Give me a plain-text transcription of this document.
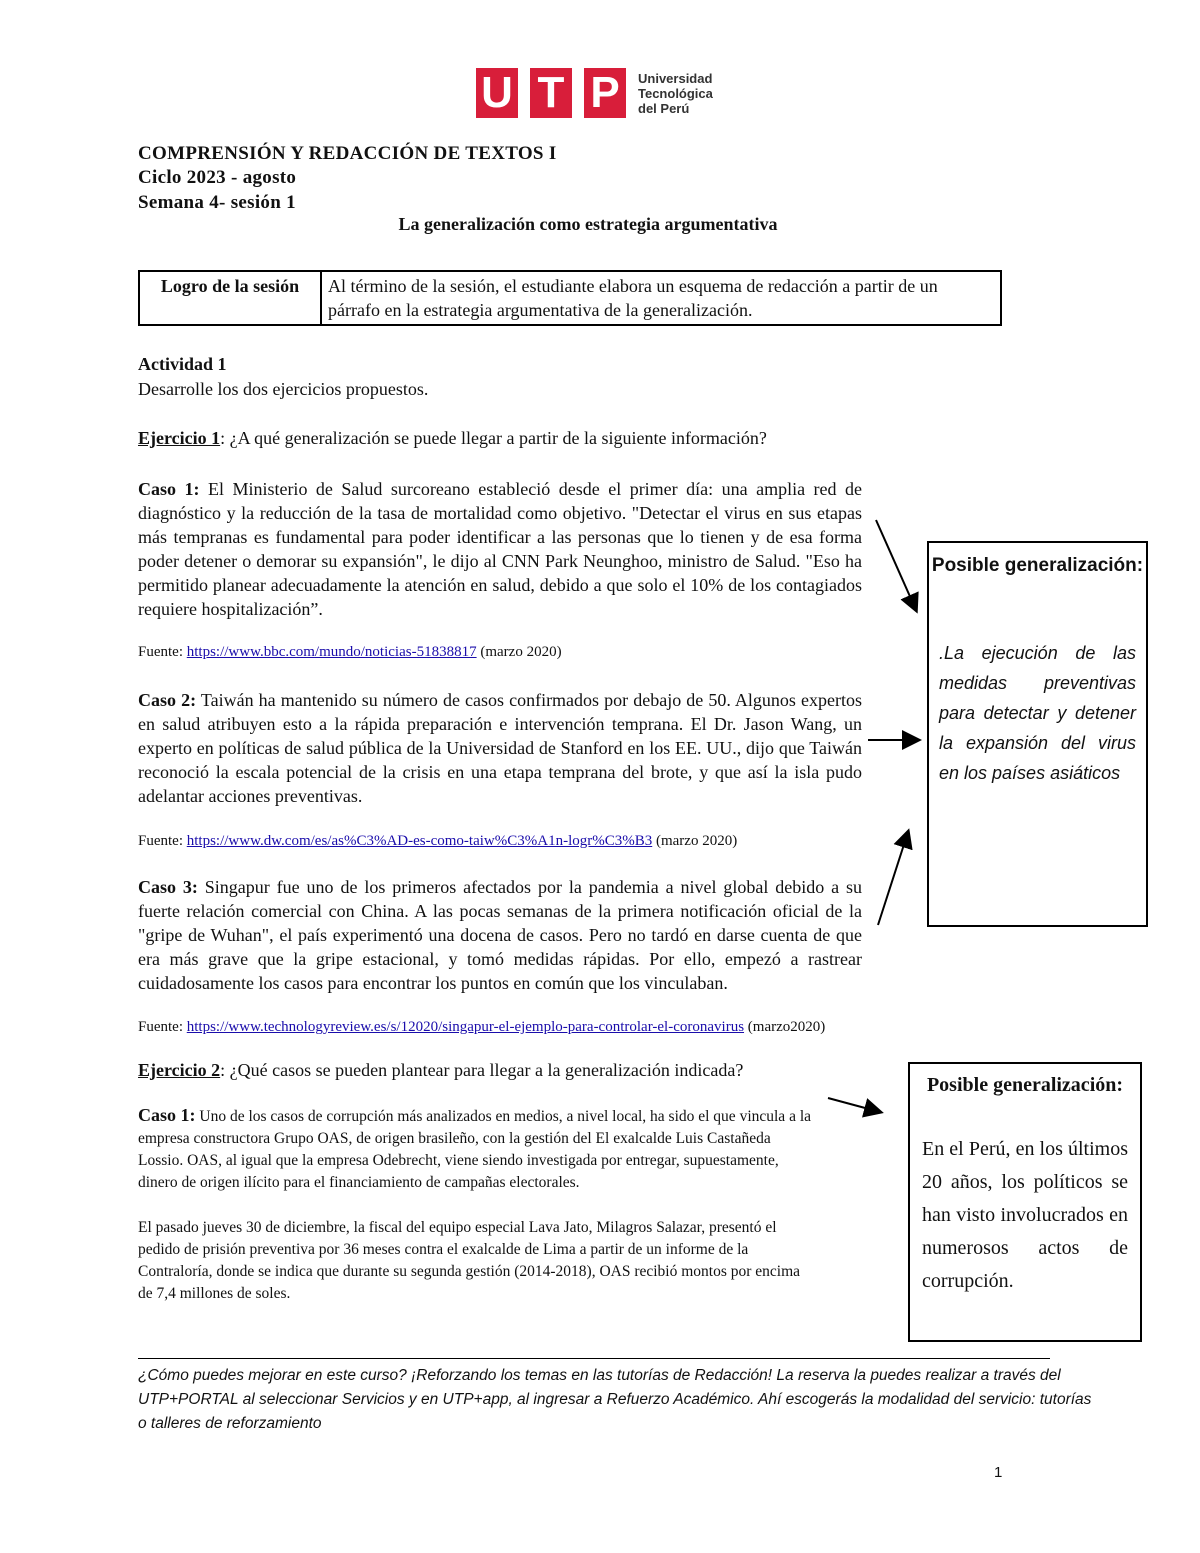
U T P	Universidad
Tecnológica
del Perú
COMPRENSIÓN Y REDACCIÓN DE TEXTOS I
Ciclo 2023 - agosto
Semana 4- sesión 1
La generalización como estrategia argumentativa
Logro de la sesión	Al término de la sesión, el estudiante elabora un esquema de redacción a partir de un párrafo en la estrategia argumentativa de la generalización.
Actividad 1
Desarrolle los dos ejercicios propuestos.
Ejercicio 1: ¿A qué generalización se puede llegar a partir de la siguiente información?
Caso 1: El Ministerio de Salud surcoreano estableció desde el primer día: una amplia red de diagnóstico y la reducción de la tasa de mortalidad como objetivo. "Detectar el virus en sus etapas más tempranas es fundamental para poder identificar a las personas que lo tienen y de esa forma poder detener o demorar su expansión", le dijo al CNN Park Neunghoo, ministro de Salud. "Eso ha permitido planear adecuadamente la atención en salud, debido a que solo el 10% de los contagiados requiere hospitalización”.
Fuente: https://www.bbc.com/mundo/noticias-51838817 (marzo 2020)
Caso 2: Taiwán ha mantenido su número de casos confirmados por debajo de 50. Algunos expertos en salud atribuyen esto a la rápida preparación e intervención temprana. El Dr. Jason Wang, un experto en políticas de salud pública de la Universidad de Stanford en los EE. UU., dijo que Taiwán reconoció la escala potencial de la crisis en una etapa temprana del brote, y que así la isla pudo adelantar acciones preventivas.
Fuente: https://www.dw.com/es/as%C3%AD-es-como-taiw%C3%A1n-logr%C3%B3 (marzo 2020)
Caso 3: Singapur fue uno de los primeros afectados por la pandemia a nivel global debido a su fuerte relación comercial con China. A las pocas semanas de la primera notificación oficial de la "gripe de Wuhan", el país experimentó una docena de casos. Pero no tardó en darse cuenta de que era más grave que la gripe estacional, y tomó medidas rápidas. Por ello, empezó a rastrear cuidadosamente los casos para encontrar los puntos en común que los vinculaban.
Fuente: https://www.technologyreview.es/s/12020/singapur-el-ejemplo-para-controlar-el-coronavirus (marzo2020)
Posible generalización:
.La ejecución de las medidas preventivas para detectar y detener la expansión del virus en los países asiáticos
Ejercicio 2: ¿Qué casos se pueden plantear para llegar a la generalización indicada?
Caso 1: Uno de los casos de corrupción más analizados en medios, a nivel local, ha sido el que vincula a la empresa constructora Grupo OAS, de origen brasileño, con la gestión del El exalcalde Luis Castañeda Lossio. OAS, al igual que la empresa Odebrecht, viene siendo investigada por entregar, supuestamente, dinero de origen ilícito para el financiamiento de campañas electorales.
El pasado jueves 30 de diciembre, la fiscal del equipo especial Lava Jato, Milagros Salazar, presentó el pedido de prisión preventiva por 36 meses contra el exalcalde de Lima a partir de un informe de la Contraloría, donde se indica que durante su segunda gestión (2014-2018), OAS recibió montos por encima de 7,4 millones de soles.
Posible generalización:
En el Perú, en los últimos 20 años, los políticos se han visto involucrados en numerosos actos de corrupción.
¿Cómo puedes mejorar en este curso? ¡Reforzando los temas en las tutorías de Redacción! La reserva la puedes realizar a través del UTP+PORTAL al seleccionar Servicios y en UTP+app, al ingresar a Refuerzo Académico. Ahí escogerás la modalidad del servicio: tutorías o talleres de reforzamiento
1
